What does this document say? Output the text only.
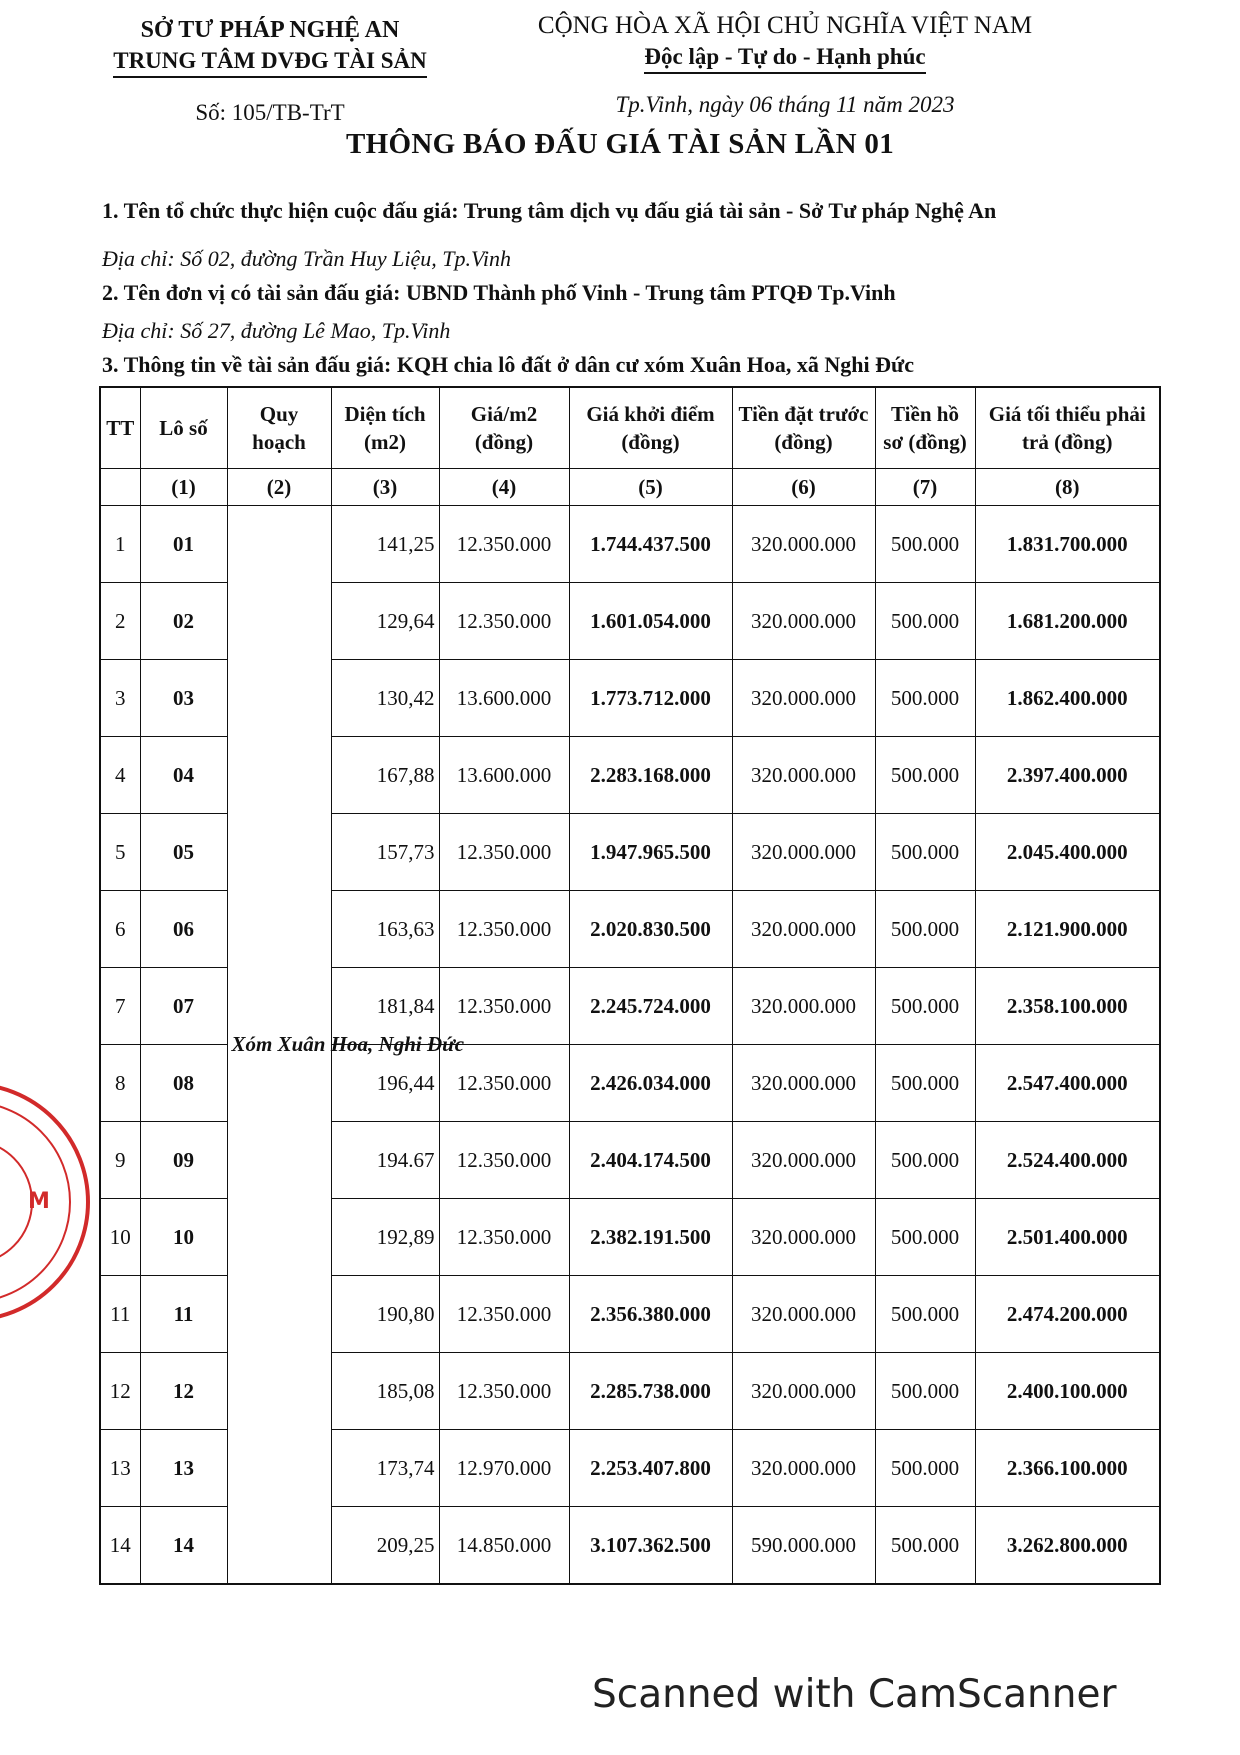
SỞ TƯ PHÁP NGHỆ AN
TRUNG TÂM DVĐG TÀI SẢN
Số: 105/TB-TrT
CỘNG HÒA XÃ HỘI CHỦ NGHĨA VIỆT NAM
Độc lập - Tự do - Hạnh phúc
Tp.Vinh, ngày 06 tháng 11 năm 2023
THÔNG BÁO ĐẤU GIÁ TÀI SẢN LẦN 01
1. Tên tổ chức thực hiện cuộc đấu giá: Trung tâm dịch vụ đấu giá tài sản - Sở Tư pháp Nghệ An
Địa chỉ: Số 02, đường Trần Huy Liệu, Tp.Vinh
2. Tên đơn vị có tài sản đấu giá: UBND Thành phố Vinh - Trung tâm PTQĐ Tp.Vinh
Địa chỉ: Số 27, đường Lê Mao, Tp.Vinh
3. Thông tin về tài sản đấu giá: KQH chia lô đất ở dân cư xóm Xuân Hoa, xã Nghi Đức
TT	Lô số	Quy hoạch	Diện tích (m2)	Giá/m2 (đồng)	Giá khởi điểm (đồng)	Tiền đặt trước (đồng)	Tiền hồ sơ (đồng)	Giá tối thiểu phải trả (đồng)
	(1)	(2)	(3)	(4)	(5)	(6)	(7)	(8)
1	01	Xóm Xuân Hoa, Nghi Đức	141,25	12.350.000	1.744.437.500	320.000.000	500.000	1.831.700.000
2	02		129,64	12.350.000	1.601.054.000	320.000.000	500.000	1.681.200.000
3	03		130,42	13.600.000	1.773.712.000	320.000.000	500.000	1.862.400.000
4	04		167,88	13.600.000	2.283.168.000	320.000.000	500.000	2.397.400.000
5	05		157,73	12.350.000	1.947.965.500	320.000.000	500.000	2.045.400.000
6	06		163,63	12.350.000	2.020.830.500	320.000.000	500.000	2.121.900.000
7	07		181,84	12.350.000	2.245.724.000	320.000.000	500.000	2.358.100.000
8	08		196,44	12.350.000	2.426.034.000	320.000.000	500.000	2.547.400.000
9	09		194.67	12.350.000	2.404.174.500	320.000.000	500.000	2.524.400.000
10	10		192,89	12.350.000	2.382.191.500	320.000.000	500.000	2.501.400.000
11	11		190,80	12.350.000	2.356.380.000	320.000.000	500.000	2.474.200.000
12	12		185,08	12.350.000	2.285.738.000	320.000.000	500.000	2.400.100.000
13	13		173,74	12.970.000	2.253.407.800	320.000.000	500.000	2.366.100.000
14	14		209,25	14.850.000	3.107.362.500	590.000.000	500.000	3.262.800.000
M
Scanned with CamScanner
